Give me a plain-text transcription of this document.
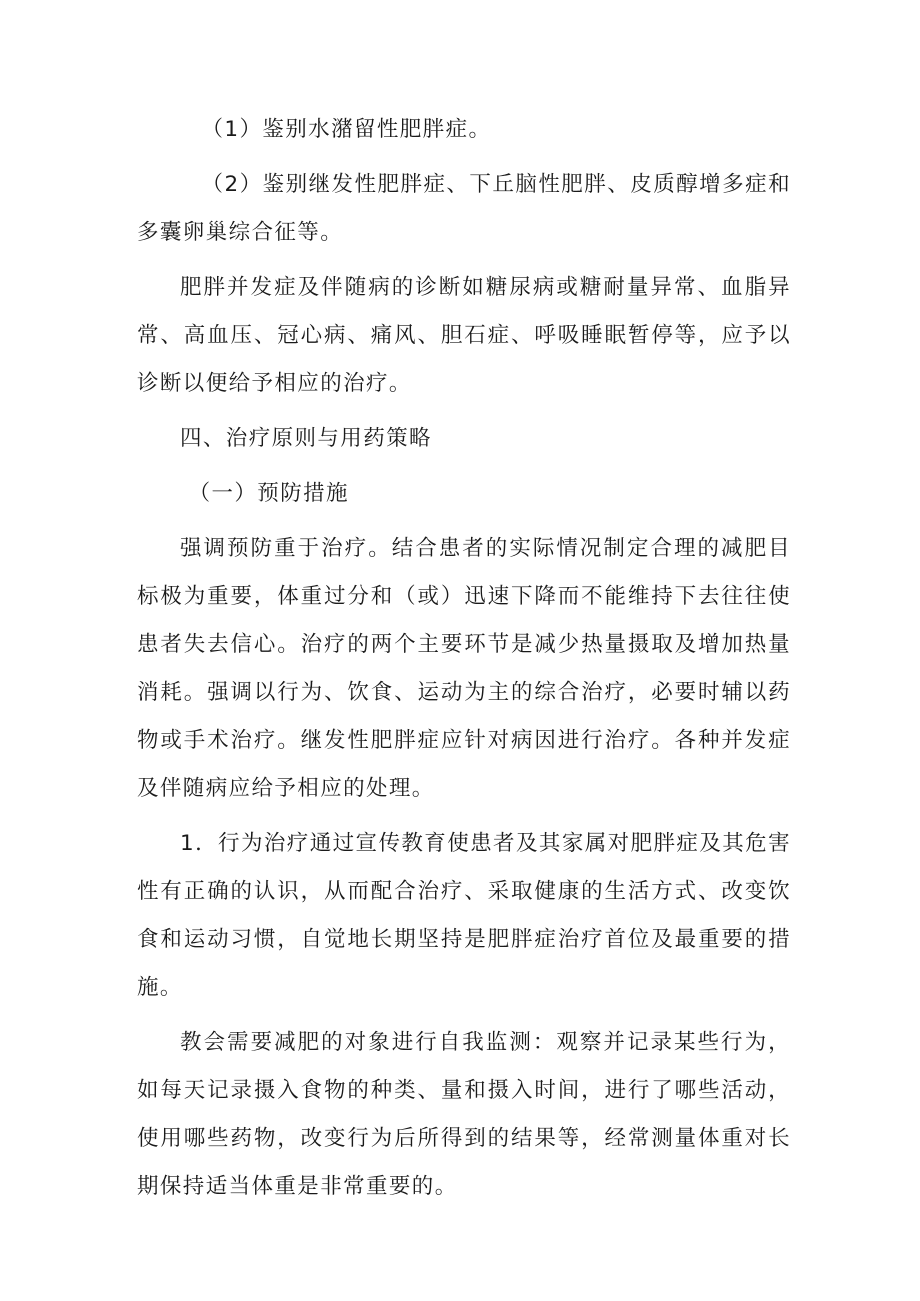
（1）鉴别水潴留性肥胖症。

（2）鉴别继发性肥胖症、下丘脑性肥胖、皮质醇增多症和多囊卵巢综合征等。

肥胖并发症及伴随病的诊断如糖尿病或糖耐量异常、血脂异常、高血压、冠心病、痛风、胆石症、呼吸睡眠暂停等，应予以诊断以便给予相应的治疗。

四、治疗原则与用药策略

（一）预防措施

强调预防重于治疗。结合患者的实际情况制定合理的减肥目标极为重要，体重过分和（或）迅速下降而不能维持下去往往使患者失去信心。治疗的两个主要环节是减少热量摄取及增加热量消耗。强调以行为、饮食、运动为主的综合治疗，必要时辅以药物或手术治疗。继发性肥胖症应针对病因进行治疗。各种并发症及伴随病应给予相应的处理。

1．行为治疗通过宣传教育使患者及其家属对肥胖症及其危害性有正确的认识，从而配合治疗、采取健康的生活方式、改变饮食和运动习惯，自觉地长期坚持是肥胖症治疗首位及最重要的措施。

教会需要减肥的对象进行自我监测：观察并记录某些行为，如每天记录摄入食物的种类、量和摄入时间，进行了哪些活动，使用哪些药物，改变行为后所得到的结果等，经常测量体重对长期保持适当体重是非常重要的。
